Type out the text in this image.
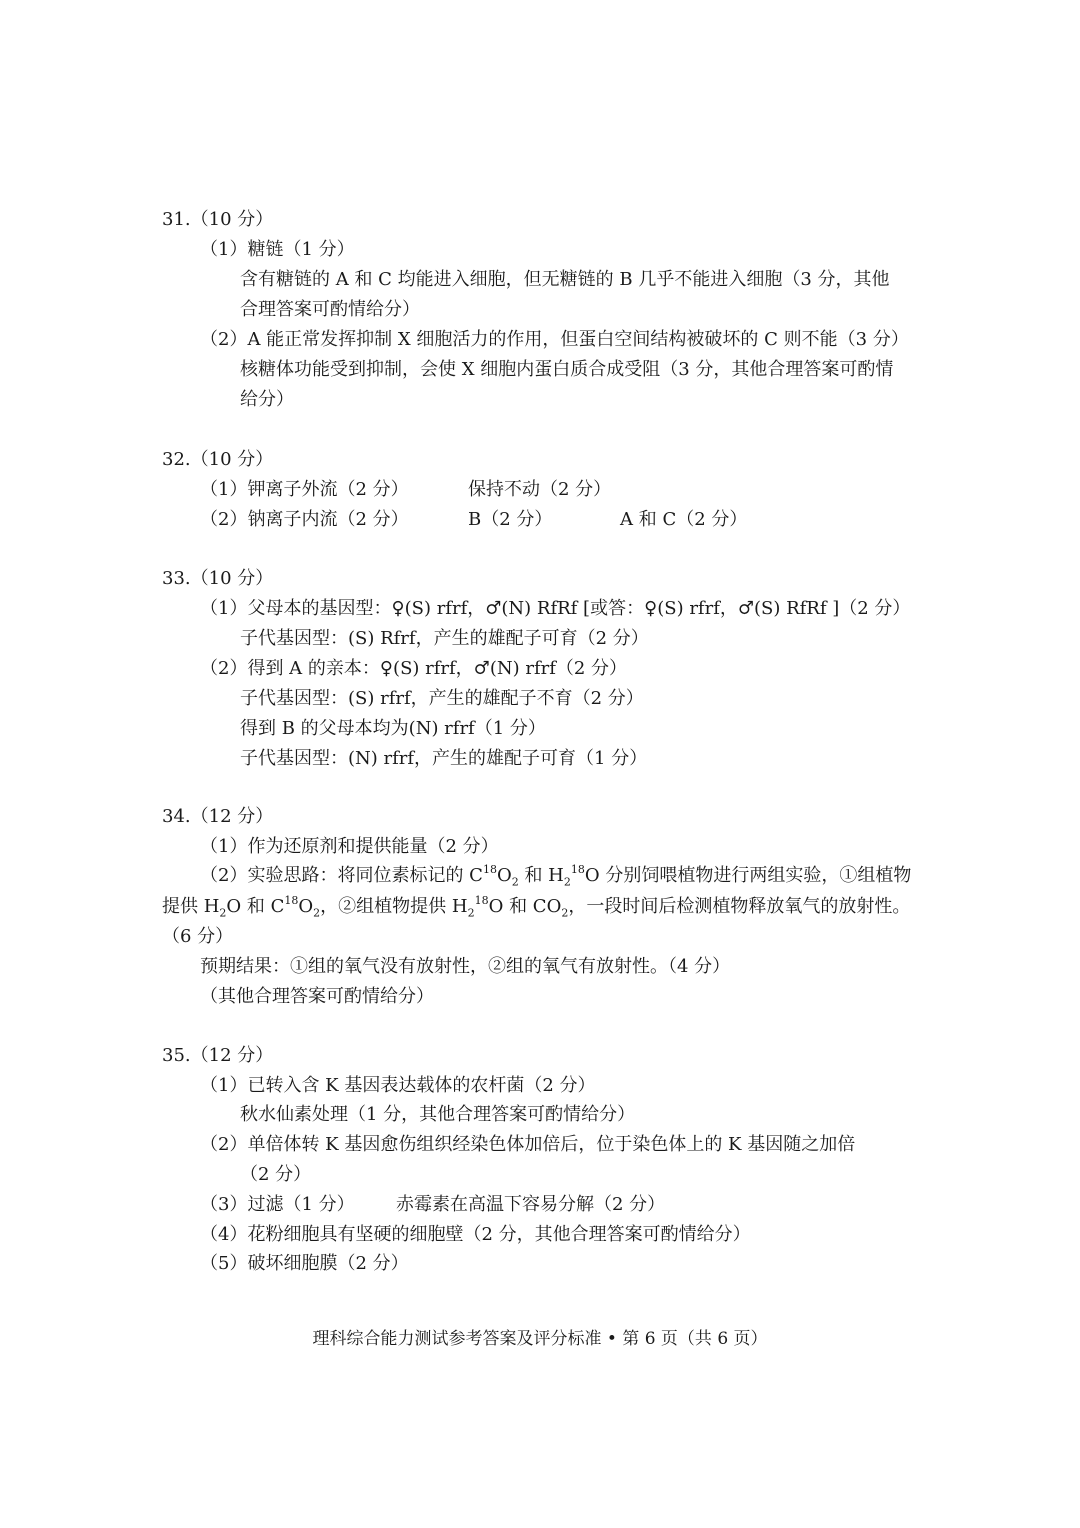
31.（10 分）
（1）糖链（1 分）
含有糖链的 A 和 C 均能进入细胞，但无糖链的 B 几乎不能进入细胞（3 分，其他
合理答案可酌情给分）
（2）A 能正常发挥抑制 X 细胞活力的作用，但蛋白空间结构被破坏的 C 则不能（3 分）
核糖体功能受到抑制，会使 X 细胞内蛋白质合成受阻（3 分，其他合理答案可酌情
给分）
32.（10 分）
（1）钾离子外流（2 分）	保持不动（2 分）
（2）钠离子内流（2 分）	B（2 分）	A 和 C（2 分）
33.（10 分）
（1）父母本的基因型：♀(S) rfrf，♂(N) RfRf [或答：♀(S) rfrf，♂(S) RfRf ]（2 分）
子代基因型：(S) Rfrf，产生的雄配子可育（2 分）
（2）得到 A 的亲本：♀(S) rfrf，♂(N) rfrf（2 分）
子代基因型：(S) rfrf，产生的雄配子不育（2 分）
得到 B 的父母本均为(N) rfrf（1 分）
子代基因型：(N) rfrf，产生的雄配子可育（1 分）
34.（12 分）
（1）作为还原剂和提供能量（2 分）
（2）实验思路：将同位素标记的 $C^{18}O_2$ 和 $H_2^{18}O$ 分别饲喂植物进行两组实验，①组植物
提供 $H_2O$ 和 $C^{18}O_2$，②组植物提供 $H_2^{18}O$ 和 $CO_2$，一段时间后检测植物释放氧气的放射性。
（6 分）
预期结果：①组的氧气没有放射性，②组的氧气有放射性。（4 分）
（其他合理答案可酌情给分）
35.（12 分）
（1）已转入含 K 基因表达载体的农杆菌（2 分）
秋水仙素处理（1 分，其他合理答案可酌情给分）
（2）单倍体转 K 基因愈伤组织经染色体加倍后，位于染色体上的 K 基因随之加倍
（2 分）
（3）过滤（1 分） 赤霉素在高温下容易分解（2 分）
（4）花粉细胞具有坚硬的细胞壁（2 分，其他合理答案可酌情给分）
（5）破坏细胞膜（2 分）
理科综合能力测试参考答案及评分标准 • 第 6 页（共 6 页）
